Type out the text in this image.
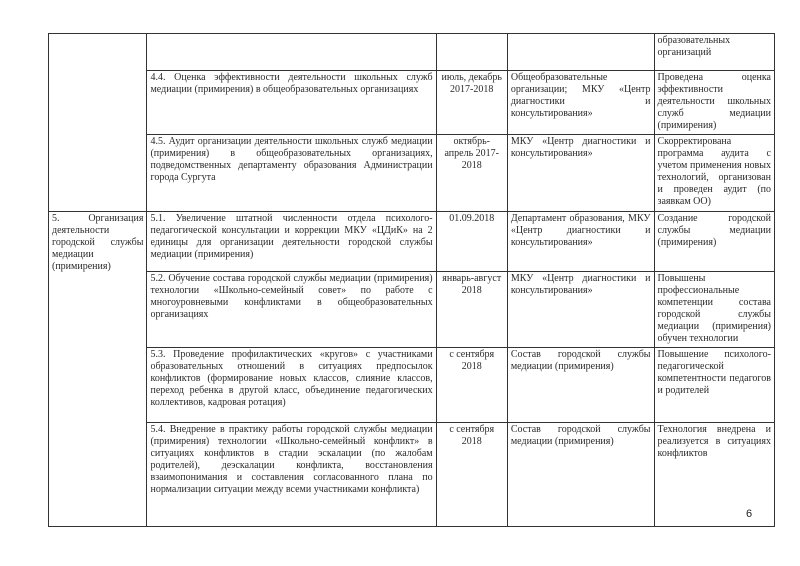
				образовательных организаций
	4.4. Оценка эффективности деятельности школьных служб медиации (примирения) в общеобразовательных организациях	июль, декабрь 2017-2018	Общеобразовательные организации; МКУ «Центр диагностики и консультирования»	Проведена оценка эффективности деятельности школьных служб медиации (примирения)
	4.5. Аудит организации деятельности школьных служб медиации (примирения) в общеобразовательных организациях, подведомственных департаменту образования Администрации города Сургута	октябрь-апрель 2017-2018	МКУ «Центр диагностики и консультирования»	Скорректирована программа аудита с учетом применения новых технологий, организован и проведен аудит (по заявкам ОО)
5. Организация деятельности городской службы медиации (примирения)	5.1. Увеличение штатной численности отдела психолого-педагогической консультации и коррекции МКУ «ЦДиК» на 2 единицы для организации деятельности городской службы медиации (примирения)	01.09.2018	Департамент образования, МКУ «Центр диагностики и консультирования»	Создание городской службы медиации (примирения)
	5.2. Обучение состава городской службы медиации (примирения) технологии «Школьно-семейный совет» по работе с многоуровневыми конфликтами в общеобразовательных организациях	январь-август 2018	МКУ «Центр диагностики и консультирования»	Повышены профессиональные компетенции состава городской службы медиации (примирения) обучен технологии
	5.3. Проведение профилактических «кругов» с участниками образовательных отношений в ситуациях предпосылок конфликтов (формирование новых классов, слияние классов, переход ребенка в другой класс, объединение педагогических коллективов, кадровая ротация)	с сентября 2018	Состав городской службы медиации (примирения)	Повышение психолого-педагогической компетентности педагогов и родителей
	5.4. Внедрение в практику работы городской службы медиации (примирения) технологии «Школьно-семейный конфликт» в ситуациях конфликтов в стадии эскалации (по жалобам родителей), деэскалации конфликта, восстановления взаимопонимания и составления согласованного плана по нормализации ситуации между всеми участниками конфликта)	с сентября 2018	Состав городской службы медиации (примирения)	Технология внедрена и реализуется в ситуациях конфликтов
6
